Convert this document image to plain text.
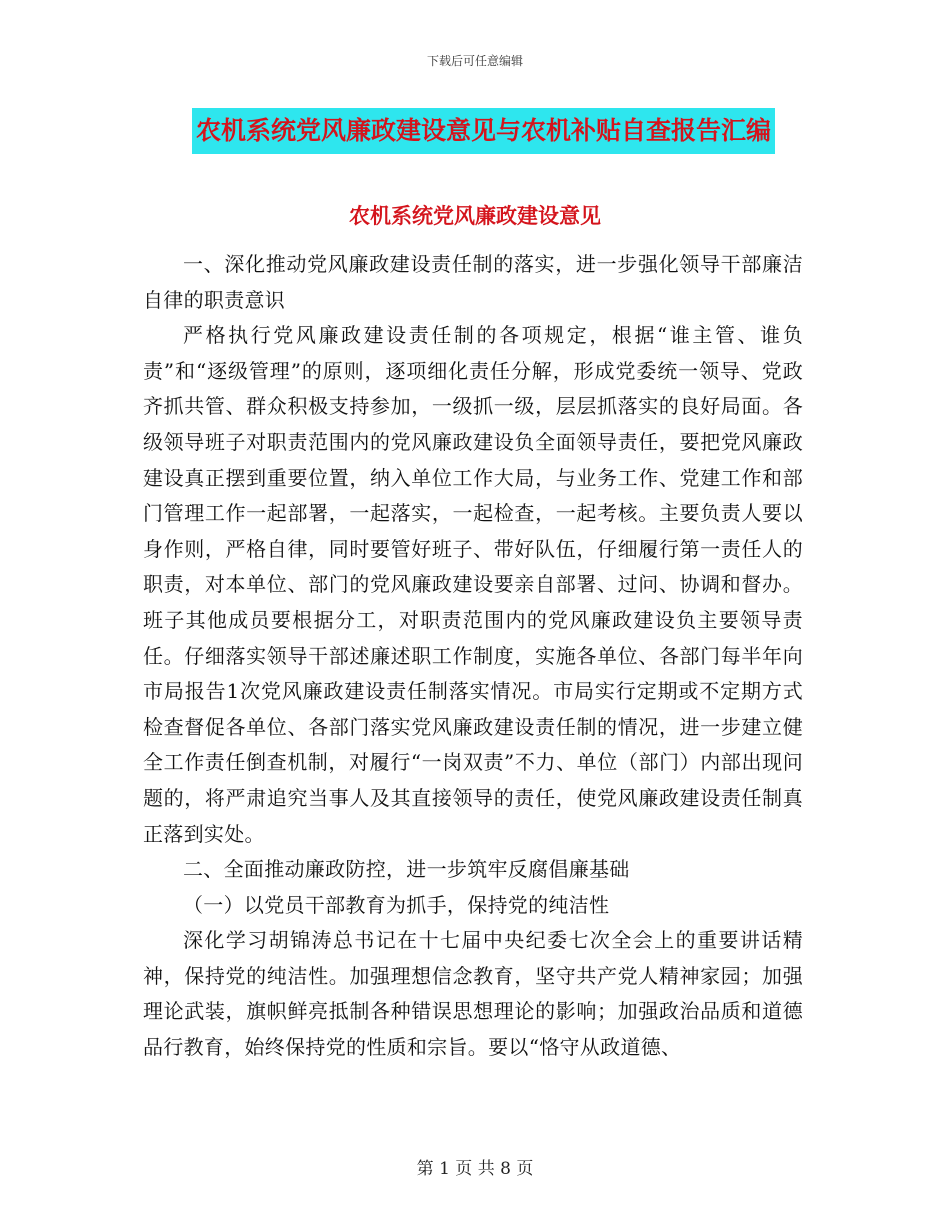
下载后可任意编辑
农机系统党风廉政建设意见与农机补贴自查报告汇编
农机系统党风廉政建设意见

一、深化推动党风廉政建设责任制的落实，进一步强化领导干部廉洁自律的职责意识

严格执行党风廉政建设责任制的各项规定，根据“谁主管、谁负责”和“逐级管理”的原则，逐项细化责任分解，形成党委统一领导、党政齐抓共管、群众积极支持参加，一级抓一级，层层抓落实的良好局面。各级领导班子对职责范围内的党风廉政建设负全面领导责任，要把党风廉政建设真正摆到重要位置，纳入单位工作大局，与业务工作、党建工作和部门管理工作一起部署，一起落实，一起检查，一起考核。主要负责人要以身作则，严格自律，同时要管好班子、带好队伍，仔细履行第一责任人的职责，对本单位、部门的党风廉政建设要亲自部署、过问、协调和督办。班子其他成员要根据分工，对职责范围内的党风廉政建设负主要领导责任。仔细落实领导干部述廉述职工作制度，实施各单位、各部门每半年向市局报告1次党风廉政建设责任制落实情况。市局实行定期或不定期方式检查督促各单位、各部门落实党风廉政建设责任制的情况，进一步建立健全工作责任倒查机制，对履行“一岗双责”不力、单位（部门）内部出现问题的，将严肃追究当事人及其直接领导的责任，使党风廉政建设责任制真正落到实处。

二、全面推动廉政防控，进一步筑牢反腐倡廉基础

（一）以党员干部教育为抓手，保持党的纯洁性

深化学习胡锦涛总书记在十七届中央纪委七次全会上的重要讲话精神，保持党的纯洁性。加强理想信念教育，坚守共产党人精神家园；加强理论武装，旗帜鲜亮抵制各种错误思想理论的影响；加强政治品质和道德品行教育，始终保持党的性质和宗旨。要以“恪守从政道德、

第 1 页 共 8 页
